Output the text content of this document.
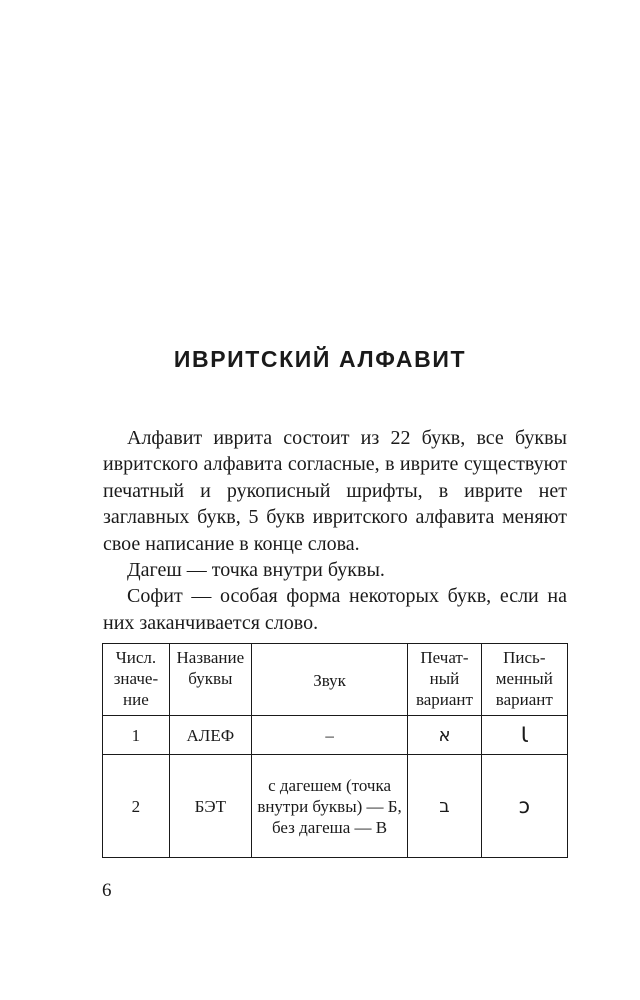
ИВРИТСКИЙ АЛФАВИТ

Алфавит иврита состоит из 22 букв, все буквы ивритского алфавита согласные, в иврите существуют печатный и рукописный шрифты, в иврите нет заглавных букв, 5 букв ивритского алфавита меняют свое написание в конце слова.

Дагеш — точка внутри буквы.

Софит — особая форма некоторых букв, если на них заканчивается слово.

Числ. значение	Название буквы	Звук	Печатный вариант	Письменный вариант
1	АЛЕФ	–	א	Ɩ
2	БЭТ	с дагешем (точка внутри буквы) — Б, без дагеша — В	ב	ɔ
6
